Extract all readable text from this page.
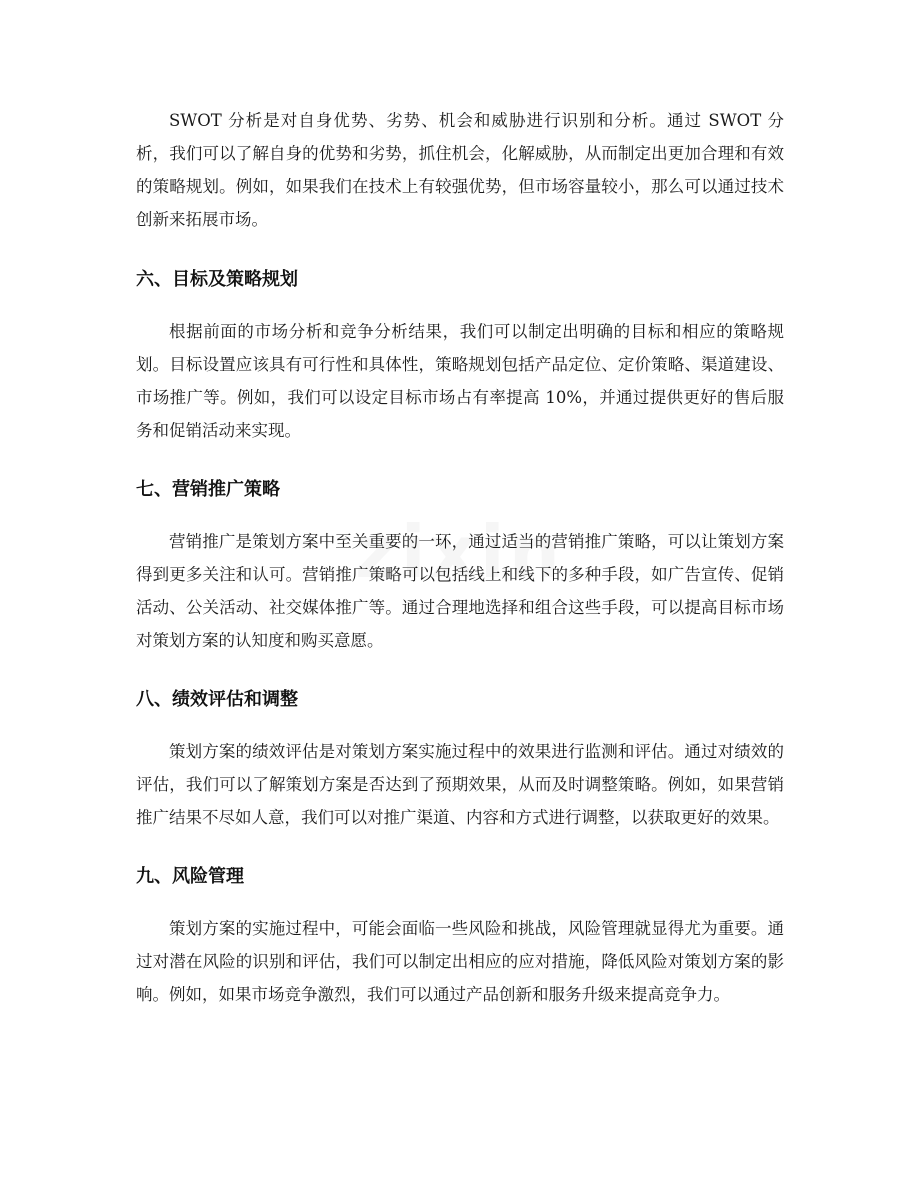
SWOT 分析是对自身优势、劣势、机会和威胁进行识别和分析。通过 SWOT 分析，我们可以了解自身的优势和劣势，抓住机会，化解威胁，从而制定出更加合理和有效的策略规划。例如，如果我们在技术上有较强优势，但市场容量较小，那么可以通过技术创新来拓展市场。

六、目标及策略规划

根据前面的市场分析和竞争分析结果，我们可以制定出明确的目标和相应的策略规划。目标设置应该具有可行性和具体性，策略规划包括产品定位、定价策略、渠道建设、市场推广等。例如，我们可以设定目标市场占有率提高 10%，并通过提供更好的售后服务和促销活动来实现。

七、营销推广策略

营销推广是策划方案中至关重要的一环，通过适当的营销推广策略，可以让策划方案得到更多关注和认可。营销推广策略可以包括线上和线下的多种手段，如广告宣传、促销活动、公关活动、社交媒体推广等。通过合理地选择和组合这些手段，可以提高目标市场对策划方案的认知度和购买意愿。

八、绩效评估和调整

策划方案的绩效评估是对策划方案实施过程中的效果进行监测和评估。通过对绩效的评估，我们可以了解策划方案是否达到了预期效果，从而及时调整策略。例如，如果营销推广结果不尽如人意，我们可以对推广渠道、内容和方式进行调整，以获取更好的效果。

九、风险管理

策划方案的实施过程中，可能会面临一些风险和挑战，风险管理就显得尤为重要。通过对潜在风险的识别和评估，我们可以制定出相应的应对措施，降低风险对策划方案的影响。例如，如果市场竞争激烈，我们可以通过产品创新和服务升级来提高竞争力。
